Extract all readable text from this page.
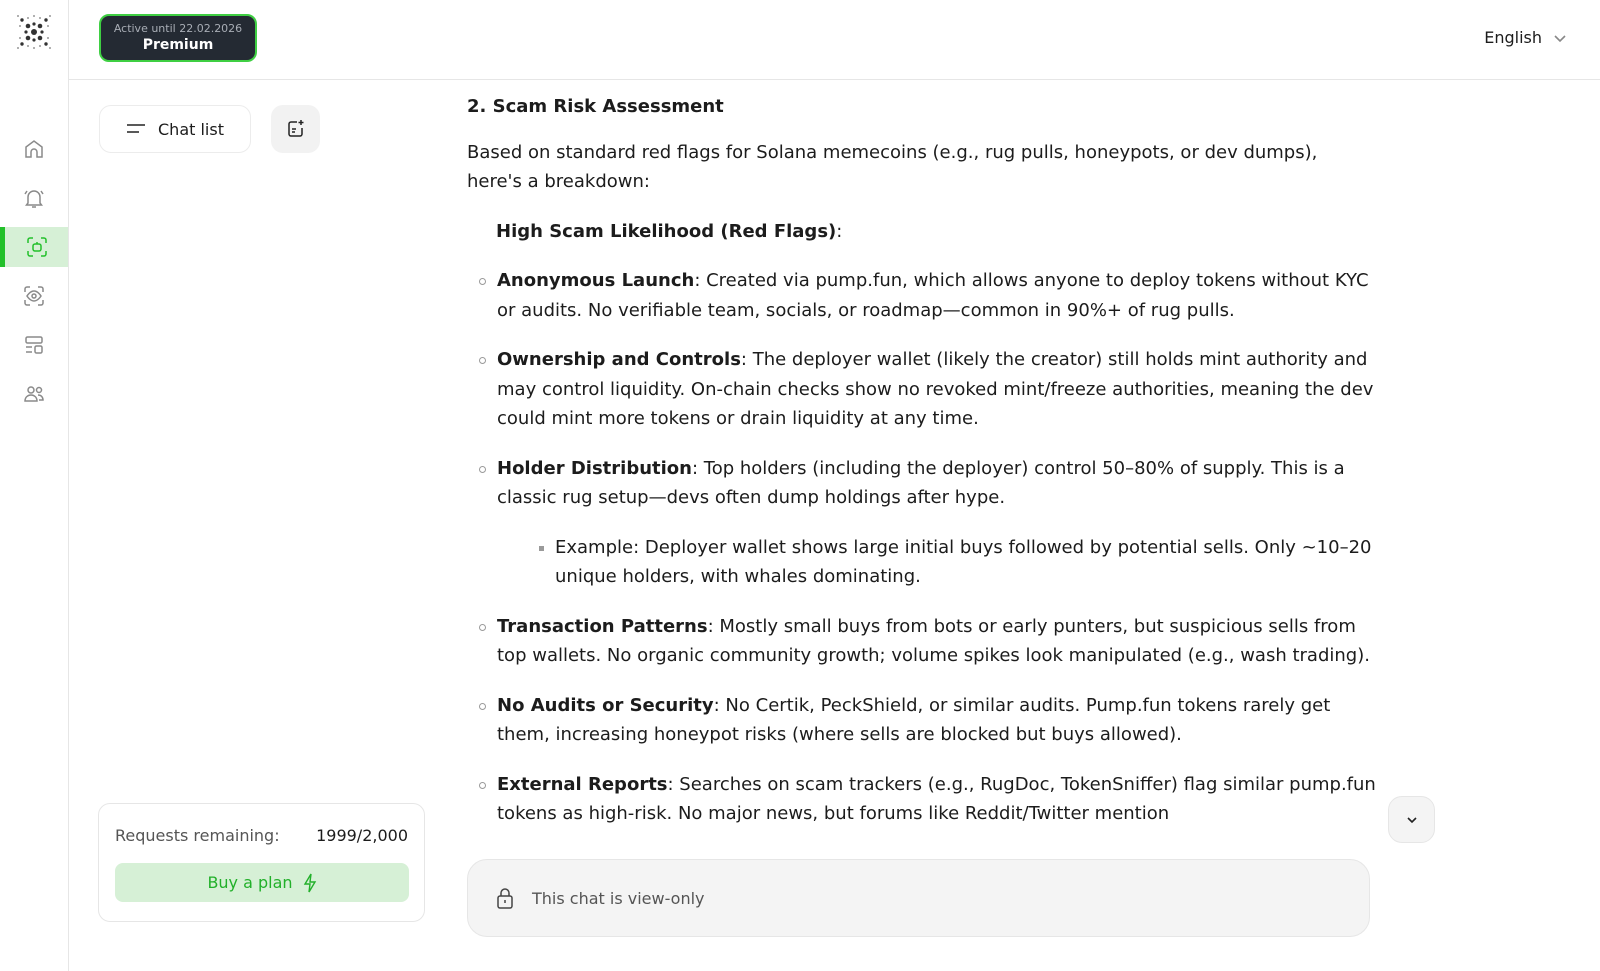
Active until 22.02.2026
Premium	English
Chat list
Requests remaining: 1999/2,000
Buy a plan
2. Scam Risk Assessment

Based on standard red flags for Solana memecoins (e.g., rug pulls, honeypots, or dev dumps), here's a breakdown:

High Scam Likelihood (Red Flags):
Anonymous Launch: Created via pump.fun, which allows anyone to deploy tokens without KYC or audits. No verifiable team, socials, or roadmap—common in 90%+ of rug pulls.
Ownership and Controls: The deployer wallet (likely the creator) still holds mint authority and may control liquidity. On-chain checks show no revoked mint/freeze authorities, meaning the dev could mint more tokens or drain liquidity at any time.
Holder Distribution: Top holders (including the deployer) control 50–80% of supply. This is a classic rug setup—devs often dump holdings after hype.
Example: Deployer wallet shows large initial buys followed by potential sells. Only ~10–20 unique holders, with whales dominating.
Transaction Patterns: Mostly small buys from bots or early punters, but suspicious sells from top wallets. No organic community growth; volume spikes look manipulated (e.g., wash trading).
No Audits or Security: No Certik, PeckShield, or similar audits. Pump.fun tokens rarely get them, increasing honeypot risks (where sells are blocked but buys allowed).
External Reports: Searches on scam trackers (e.g., RugDoc, TokenSniffer) flag similar pump.fun tokens as high-risk. No major news, but forums like Reddit/Twitter mention
This chat is view-only
